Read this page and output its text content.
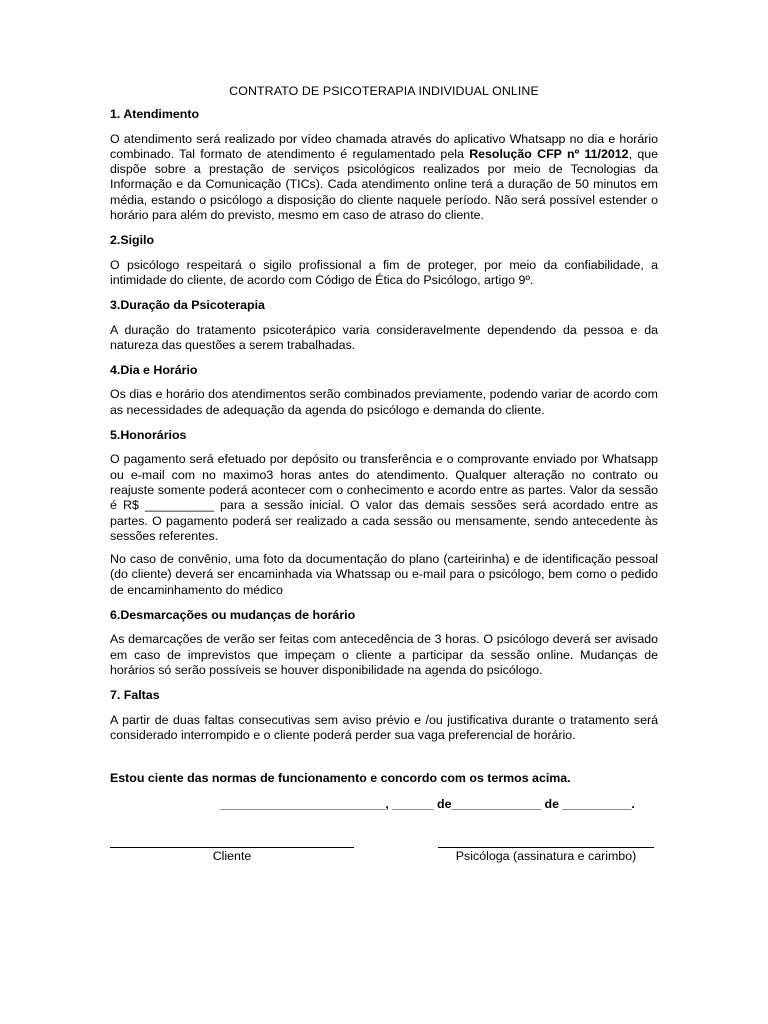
CONTRATO DE PSICOTERAPIA INDIVIDUAL ONLINE
1. Atendimento
O atendimento será realizado por vídeo chamada através do aplicativo Whatsapp no dia e horário combinado. Tal formato de atendimento é regulamentado pela Resolução CFP nº 11/2012, que dispõe sobre a prestação de serviços psicológicos realizados por meio de Tecnologias da Informação e da Comunicação (TICs). Cada atendimento online terá a duração de 50 minutos em média, estando o psicólogo a disposição do cliente naquele período. Não será possível estender o horário para além do previsto, mesmo em caso de atraso do cliente.
2.Sigilo
O psicólogo respeitará o sigilo profissional a fim de proteger, por meio da confiabilidade, a intimidade do cliente, de acordo com Código de Ética do Psicólogo, artigo 9º.
3.Duração da Psicoterapia
A duração do tratamento psicoterápico varia consideravelmente dependendo da pessoa e da natureza das questões a serem trabalhadas.
4.Dia e Horário
Os dias e horário dos atendimentos serão combinados previamente, podendo variar de acordo com as necessidades de adequação da agenda do psicólogo e demanda do cliente.
5.Honorários
O pagamento será efetuado por depósito ou transferência e o comprovante enviado por Whatsapp ou e-mail com no maximo3 horas antes do atendimento. Qualquer alteração no contrato ou reajuste somente poderá acontecer com o conhecimento e acordo entre as partes. Valor da sessão é R$ __________ para a sessão inicial. O valor das demais sessões será acordado entre as partes. O pagamento poderá ser realizado a cada sessão ou mensamente, sendo antecedente às sessões referentes.
No caso de convênio, uma foto da documentação do plano (carteirinha) e de identificação pessoal (do cliente) deverá ser encaminhada via Whatssap ou e-mail para o psicólogo, bem como o pedido de encaminhamento do médico
6.Desmarcações ou mudanças de horário
As demarcações de verão ser feitas com antecedência de 3 horas. O psicólogo deverá ser avisado em caso de imprevistos que impeçam o cliente a participar da sessão online. Mudanças de horários só serão possíveis se houver disponibilidade na agenda do psicólogo.
7. Faltas
A partir de duas faltas consecutivas sem aviso prévio e /ou justificativa durante o tratamento será considerado interrompido e o cliente poderá perder sua vaga preferencial de horário.
Estou ciente das normas de funcionamento e concordo com os termos acima.
________________________, ______ de_____________ de __________.
Cliente	Psicóloga (assinatura e carimbo)
